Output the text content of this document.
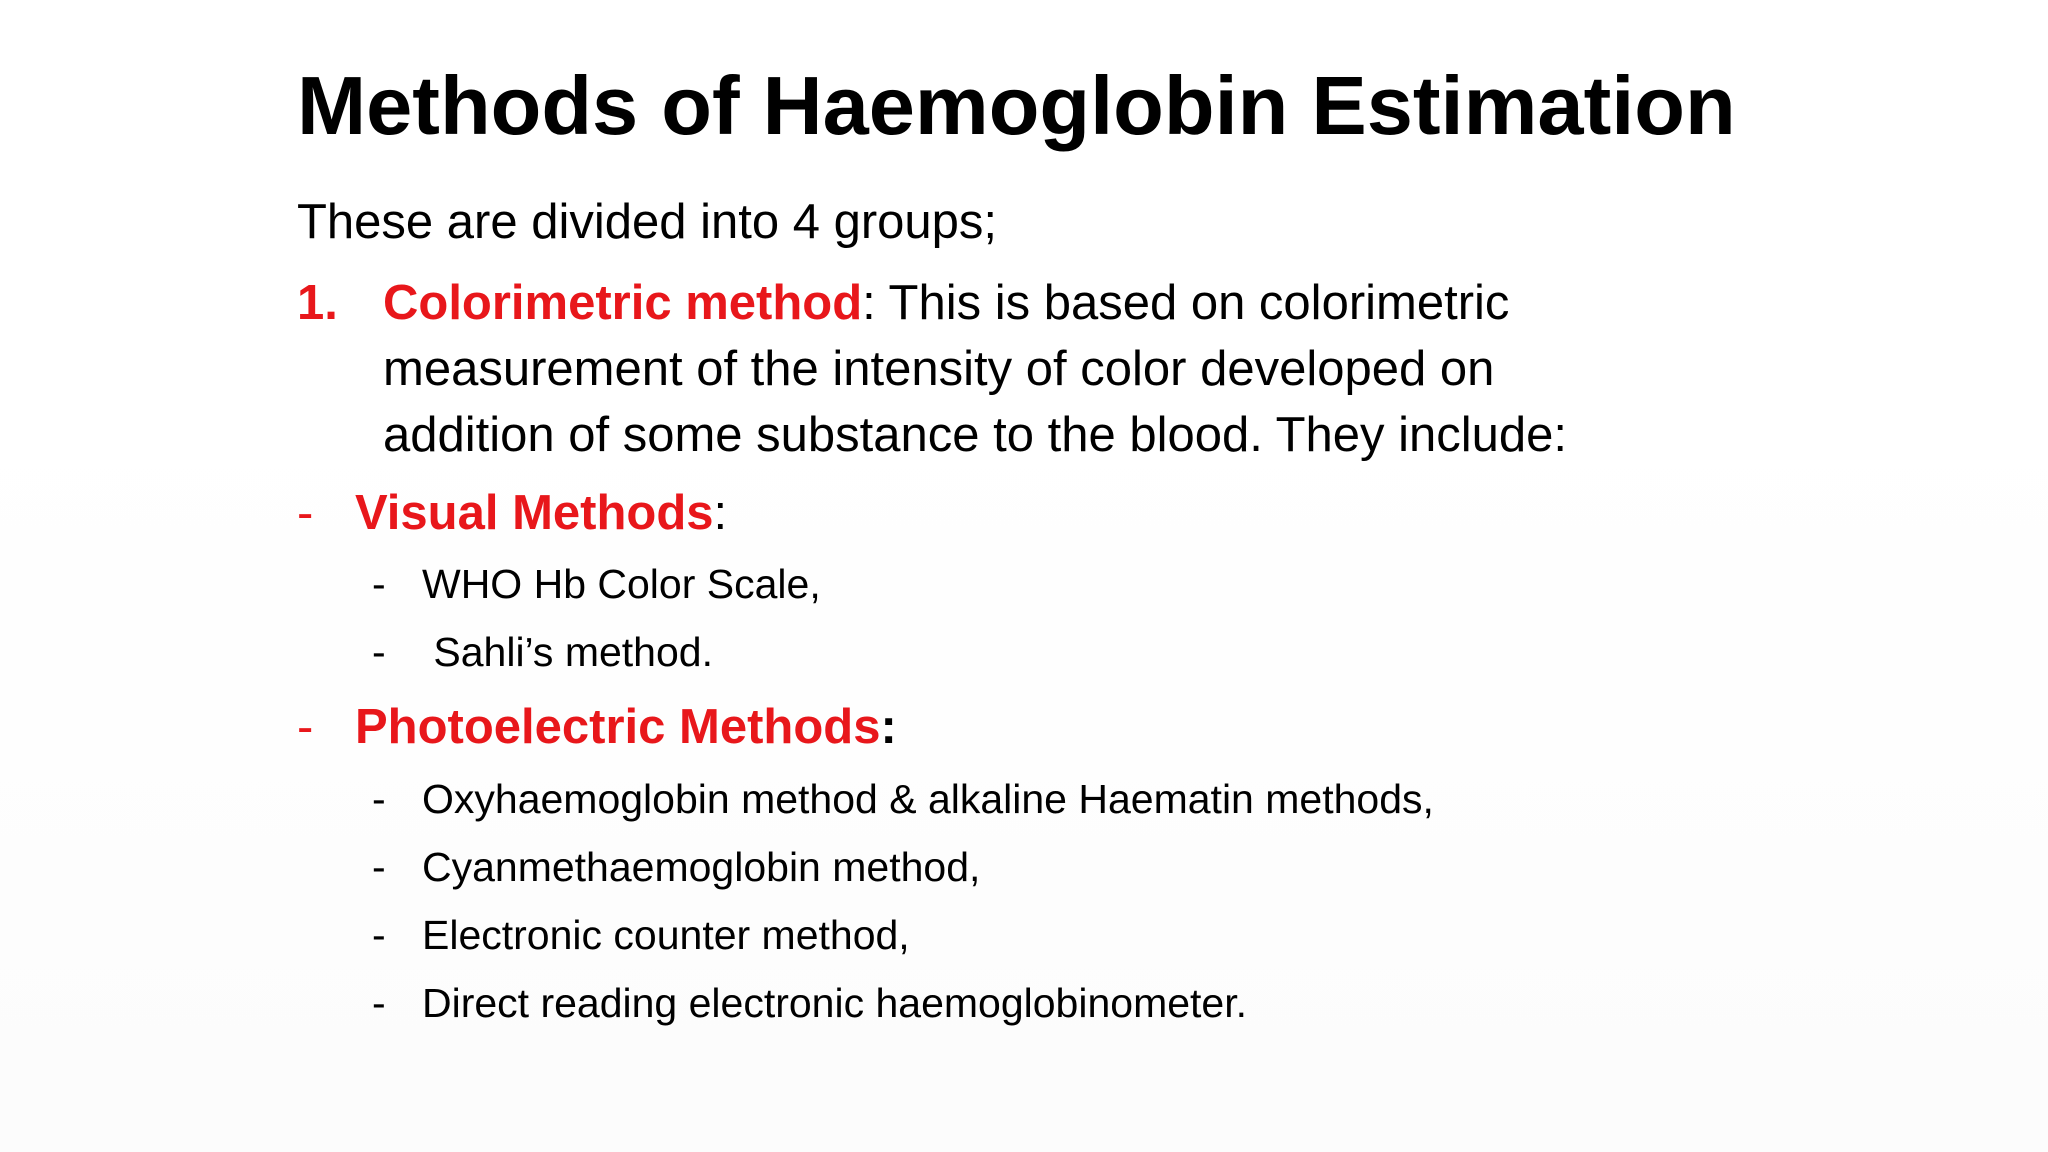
Methods of Haemoglobin Estimation
These are divided into 4 groups;
1. Colorimetric method: This is based on colorimetric
measurement of the intensity of color developed on
addition of some substance to the blood. They include:
- Visual Methods:
- WHO Hb Color Scale,
- Sahli’s method.
- Photoelectric Methods:
- Oxyhaemoglobin method & alkaline Haematin methods,
- Cyanmethaemoglobin method,
- Electronic counter method,
- Direct reading electronic haemoglobinometer.
